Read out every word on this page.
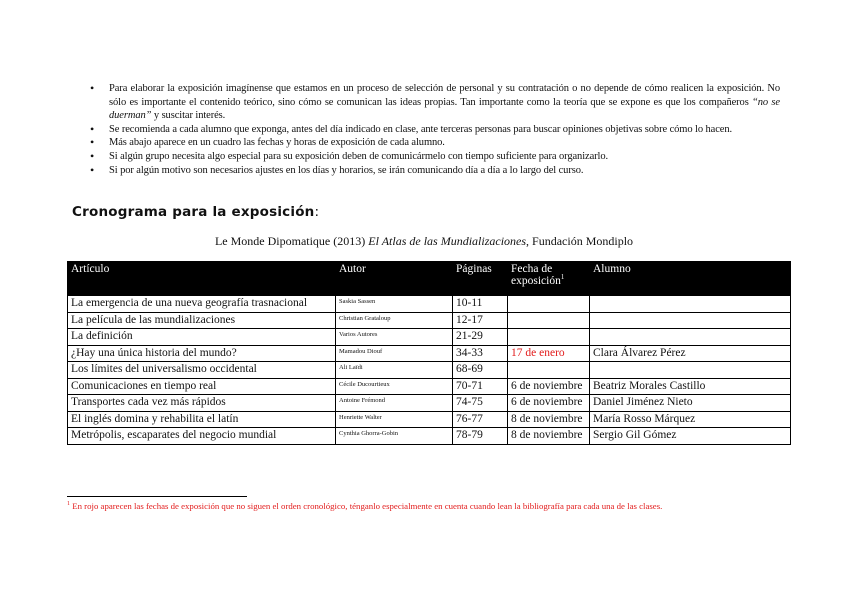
• Para elaborar la exposición imagínense que estamos en un proceso de selección de personal y su contratación o no depende de cómo realicen la exposición. No sólo es importante el contenido teórico, sino cómo se comunican las ideas propias. Tan importante como la teoría que se expone es que los compañeros “no se duerman” y suscitar interés.
• Se recomienda a cada alumno que exponga, antes del día indicado en clase, ante terceras personas para buscar opiniones objetivas sobre cómo lo hacen.
• Más abajo aparece en un cuadro las fechas y horas de exposición de cada alumno.
• Si algún grupo necesita algo especial para su exposición deben de comunicármelo con tiempo suficiente para organizarlo.
• Si por algún motivo son necesarios ajustes en los días y horarios, se irán comunicando día a día a lo largo del curso.
Cronograma para la exposición:
Le Monde Dipomatique (2013) El Atlas de las Mundializaciones, Fundación Mondiplo
Artículo	Autor	Páginas	Fecha de exposición$^1$	Alumno
La emergencia de una nueva geografía trasnacional	Saskia Sassen	10-11		
La película de las mundializaciones	Christian Grataloup	12-17		
La definición	Varios Autores	21-29		
¿Hay una única historia del mundo?	Mamadou Diouf	34-33	17 de enero	Clara Álvarez Pérez
Los límites del universalismo occidental	Ali Laïdi	68-69		
Comunicaciones en tiempo real	Cécile Ducourtieux	70-71	6 de noviembre	Beatriz Morales Castillo
Transportes cada vez más rápidos	Antoine Frémond	74-75	6 de noviembre	Daniel Jiménez Nieto
El inglés domina y rehabilita el latín	Henriette Walter	76-77	8 de noviembre	María Rosso Márquez
Metrópolis, escaparates del negocio mundial	Cynthia Ghorra-Gobin	78-79	8 de noviembre	Sergio Gil Gómez
$^1$ En rojo aparecen las fechas de exposición que no siguen el orden cronológico, ténganlo especialmente en cuenta cuando lean la bibliografía para cada una de las clases.
